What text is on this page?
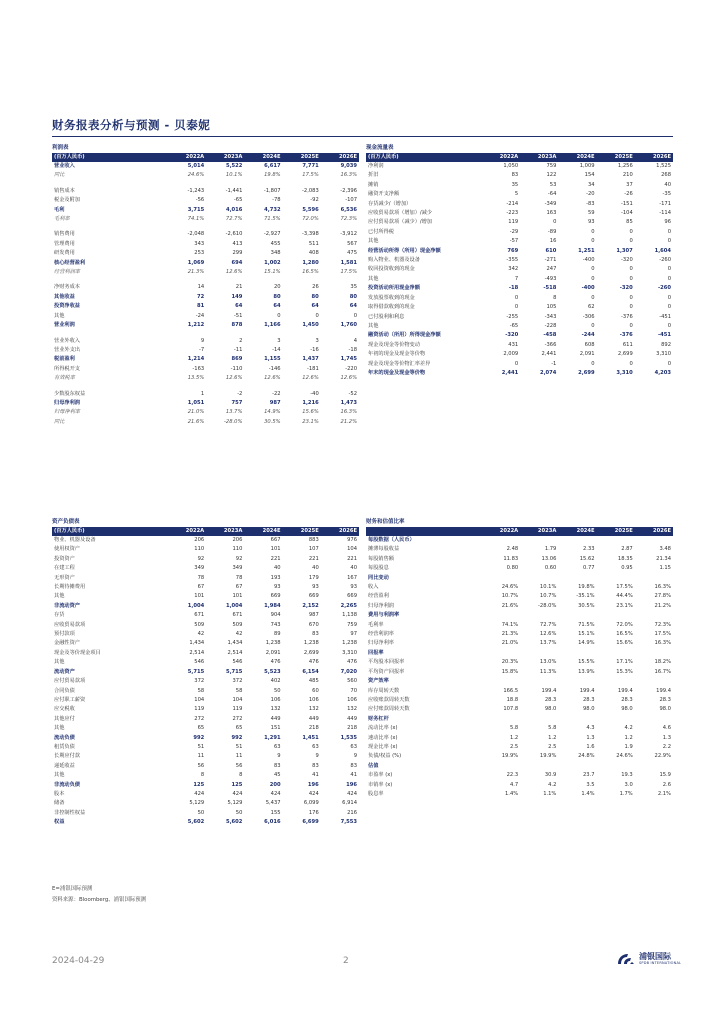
财务报表分析与预测 - 贝泰妮
利润表
(百万人民币)	2022A	2023A	2024E	2025E	2026E
营业收入	5,014	5,522	6,617	7,771	9,039
同比	24.6%	10.1%	19.8%	17.5%	16.3%

销售成本	-1,243	-1,441	-1,807	-2,083	-2,396
税金及附加	-56	-65	-78	-92	-107
毛利	3,715	4,016	4,732	5,596	6,536
毛利率	74.1%	72.7%	71.5%	72.0%	72.3%

销售费用	-2,048	-2,610	-2,927	-3,398	-3,912
管理费用	343	413	455	511	567
研发费用	253	299	348	408	475
核心经营盈利	1,069	694	1,002	1,280	1,581
经营利润率	21.3%	12.6%	15.1%	16.5%	17.5%

净财务成本	14	21	20	26	35
其他收益	72	149	80	80	80
投资净收益	81	64	64	64	64
其他	-24	-51	0	0	0
营业利润	1,212	878	1,166	1,450	1,760

营业外收入	9	2	3	3	4
营业外支出	-7	-11	-14	-16	-18
税前盈利	1,214	869	1,155	1,437	1,745
所得税开支	-163	-110	-146	-181	-220
有效税率	13.5%	12.6%	12.6%	12.6%	12.6%

少数股东权益	1	-2	-22	-40	-52
归母净利润	1,051	757	987	1,216	1,473
归母净利率	21.0%	13.7%	14.9%	15.6%	16.3%
同比	21.6%	-28.0%	30.5%	23.1%	21.2%
现金流量表
(百万人民币)	2022A	2023A	2024E	2025E	2026E
净利润	1,050	759	1,009	1,256	1,525
折旧	83	122	154	210	268
摊销	35	53	34	37	40
融资开支净额	5	-64	-20	-26	-35
存货减少/（增加）	-214	-349	-83	-151	-171
应收贸易款项（增加）/减少	-223	163	59	-104	-114
应付贸易款项（减少）/增加	119	0	93	85	96
已付所得税	-29	-89	0	0	0
其他	-57	16	0	0	0
经营活动所得（所用）现金净额	769	610	1,251	1,307	1,604
购入物业、机器及设备	-355	-271	-400	-320	-260
收回投资收到的现金	342	247	0	0	0
其他	7	-493	0	0	0
投资活动所用现金净额	-18	-518	-400	-320	-260
发放股票收到的现金	0	8	0	0	0
取得借款收到的现金	0	105	62	0	0
已付股利和利息	-255	-343	-306	-376	-451
其他	-65	-228	0	0	0
融资活动（所用）所得现金净额	-320	-458	-244	-376	-451
现金及现金等价物变动	431	-366	608	611	892
年初的现金及现金等价物	2,009	2,441	2,091	2,699	3,310
现金及现金等价物汇率差异	0	-1	0	0	0
年末的现金及现金等价物	2,441	2,074	2,699	3,310	4,203
资产负债表
(百万人民币)	2022A	2023A	2024E	2025E	2026E
物业、机器及设备	206	206	667	883	976
使用权资产	110	110	101	107	104
投资资产	92	92	221	221	221
在建工程	349	349	40	40	40
无形资产	78	78	193	179	167
长期待摊费用	67	67	93	93	93
其他	101	101	669	669	669
非流动资产	1,004	1,004	1,984	2,152	2,265
存货	671	671	904	987	1,138
应收贸易款项	509	509	743	670	759
预付款项	42	42	89	83	97
金融性资产	1,434	1,434	1,238	1,238	1,238
现金及等价现金项目	2,514	2,514	2,091	2,699	3,310
其他	546	546	476	476	476
流动资产	5,715	5,715	5,523	6,154	7,020
应付贸易款项	372	372	402	485	560
合同负债	58	58	50	60	70
应付职工薪资	104	104	106	106	106
应交税收	119	119	132	132	132
其他应付	272	272	449	449	449
其他	65	65	151	218	218
流动负债	992	992	1,291	1,451	1,535
租赁负债	51	51	63	63	63
长期应付款	11	11	9	9	9
递延收益	56	56	83	83	83
其他	8	8	45	41	41
非流动负债	125	125	200	196	196
股本	424	424	424	424	424
储备	5,129	5,129	5,437	6,099	6,914
非控制性权益	50	50	155	176	216
权益	5,602	5,602	6,016	6,699	7,553
财务和估值比率
	2022A	2023A	2024E	2025E	2026E
每股数据（人民币）					
摊薄每股收益	2.48	1.79	2.33	2.87	3.48
每股销售额	11.83	13.06	15.62	18.35	21.34
每股股息	0.80	0.60	0.77	0.95	1.15
同比变动					
收入	24.6%	10.1%	19.8%	17.5%	16.3%
经营盈利	10.7%	10.7%	-35.1%	44.4%	27.8%
归母净利润	21.6%	-28.0%	30.5%	23.1%	21.2%
费用与利润率					
毛利率	74.1%	72.7%	71.5%	72.0%	72.3%
经营利润率	21.3%	12.6%	15.1%	16.5%	17.5%
归母净利率	21.0%	13.7%	14.9%	15.6%	16.3%
回报率					
平均股本回报率	20.3%	13.0%	15.5%	17.1%	18.2%
平均资产回报率	15.8%	11.3%	13.9%	15.3%	16.7%
资产效率					
库存周转天数	166.5	199.4	199.4	199.4	199.4
应收账款周转天数	18.8	28.3	28.3	28.3	28.3
应付账款周转天数	107.8	98.0	98.0	98.0	98.0
财务杠杆					
流动比率 (x)	5.8	5.8	4.3	4.2	4.6
速动比率 (x)	1.2	1.2	1.3	1.2	1.3
现金比率 (x)	2.5	2.5	1.6	1.9	2.2
负债/权益 (%)	19.9%	19.9%	24.8%	24.6%	22.9%
估值					
市盈率 (x)	22.3	30.9	23.7	19.3	15.9
市销率 (x)	4.7	4.2	3.5	3.0	2.6
股息率	1.4%	1.1%	1.4%	1.7%	2.1%
E=浦银国际预测
资料来源：Bloomberg、浦银国际预测
2024-04-29	2	浦银国际
SPDB INTERNATIONAL
